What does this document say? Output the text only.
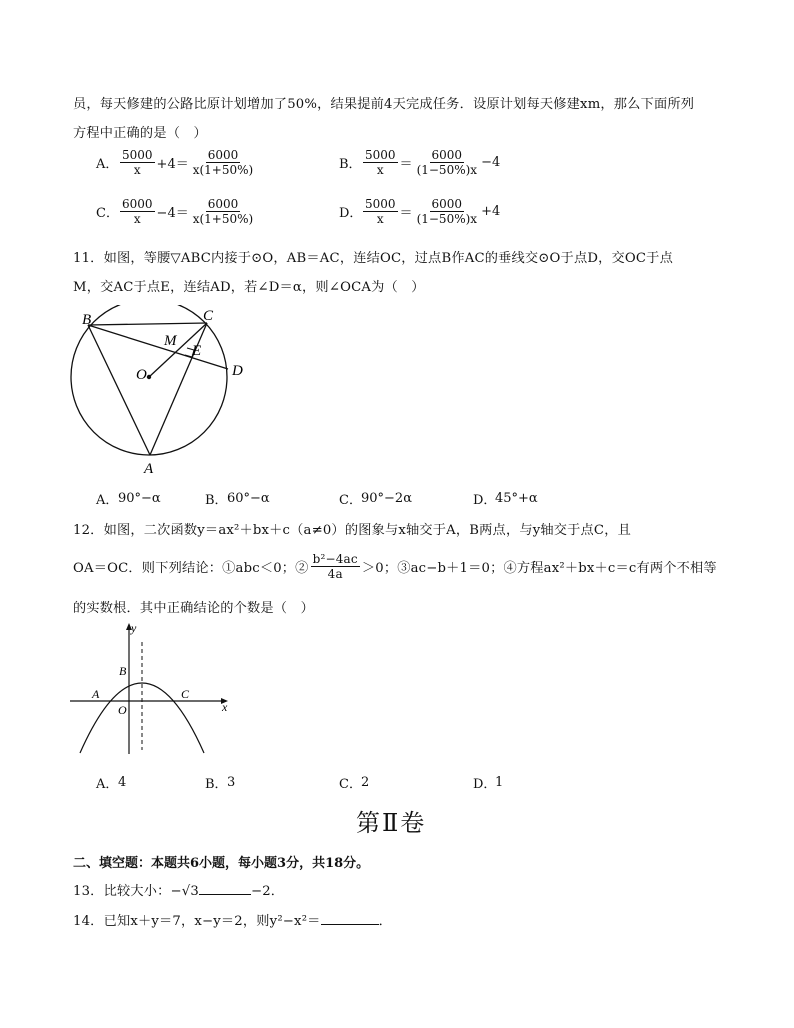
员，每天修建的公路比原计划增加了50%，结果提前4天完成任务．设原计划每天修建xm，那么下面所列
方程中正确的是（　）
A． $\frac{5000}{x} +4= \frac{6000}{x(1+50\%)}$	B． $\frac{5000}{x} = \frac{6000}{(1-50\%)x} -4$
C． $\frac{6000}{x} -4= \frac{6000}{x(1+50\%)}$	D． $\frac{5000}{x} = \frac{6000}{(1-50\%)x} +4$
11．如图，等腰▽ABC内接于⊙O，AB＝AC，连结OC，过点B作AC的垂线交⊙O于点D，交OC于点
M，交AC于点E，连结AD，若∠D＝α，则∠OCA为（　）
B	C
M
E
O	D
A
A． 90°−α	B． 60°−α	C． 90°−2α	D．
45°+α
12．如图，二次函数y＝ax²＋bx＋c（a≠0）的图象与x轴交于A，B两点，与y轴交于点C，且
OA＝OC．则下列结论：①abc＜0；② $\frac{\text{b²−4ac}}{4a} >0$；③ac−b＋1＝0；④方程ax²＋bx＋c＝c有两个不相等
的实数根．其中正确结论的个数是（　）
y
x
B
A
O
C
A． 4	B． 3	C． 2	D．
1
第Ⅱ卷
二、填空题：本题共6小题，每小题3分，共18分。
13．比较大小：−√3	−2．
14．已知x＋y＝7，x−y＝2，则y²−x²＝	．
